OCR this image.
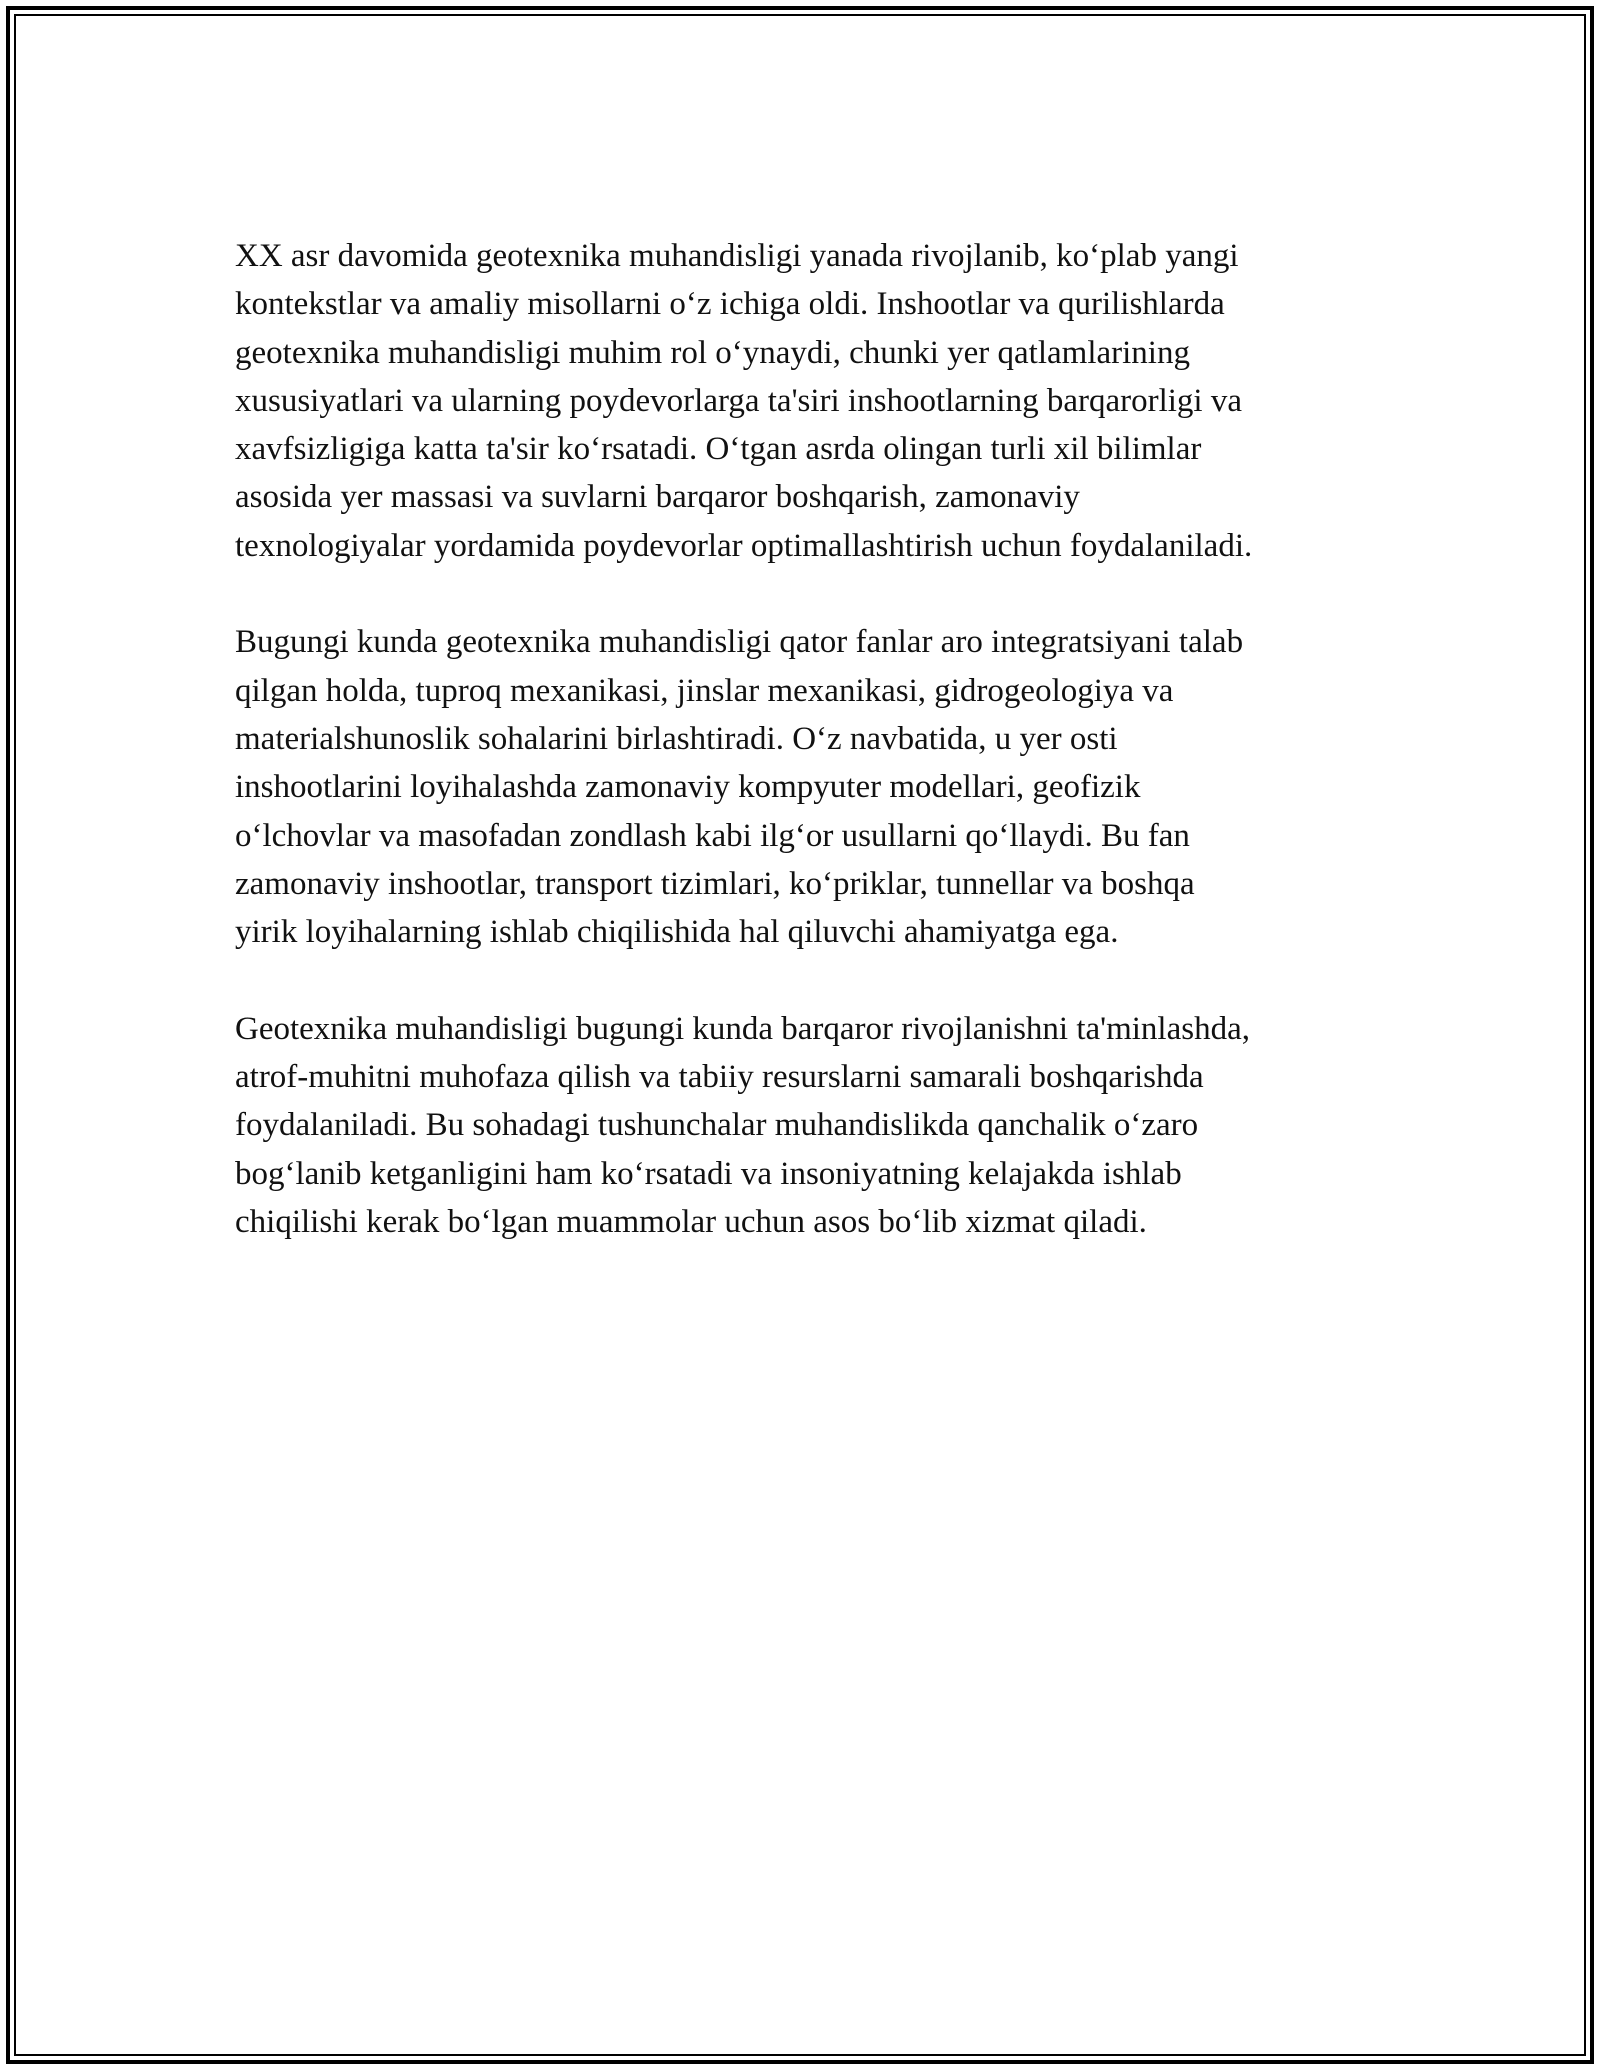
XX asr davomida geotexnika muhandisligi yanada rivojlanib, koʻplab yangi
kontekstlar va amaliy misollarni oʻz ichiga oldi. Inshootlar va qurilishlarda
geotexnika muhandisligi muhim rol oʻynaydi, chunki yer qatlamlarining
xususiyatlari va ularning poydevorlarga ta'siri inshootlarning barqarorligi va
xavfsizligiga katta ta'sir koʻrsatadi. Oʻtgan asrda olingan turli xil bilimlar
asosida yer massasi va suvlarni barqaror boshqarish, zamonaviy
texnologiyalar yordamida poydevorlar optimallashtirish uchun foydalaniladi.

Bugungi kunda geotexnika muhandisligi qator fanlar aro integratsiyani talab
qilgan holda, tuproq mexanikasi, jinslar mexanikasi, gidrogeologiya va
materialshunoslik sohalarini birlashtiradi. Oʻz navbatida, u yer osti
inshootlarini loyihalashda zamonaviy kompyuter modellari, geofizik
oʻlchovlar va masofadan zondlash kabi ilgʻor usullarni qoʻllaydi. Bu fan
zamonaviy inshootlar, transport tizimlari, koʻpriklar, tunnellar va boshqa
yirik loyihalarning ishlab chiqilishida hal qiluvchi ahamiyatga ega.

Geotexnika muhandisligi bugungi kunda barqaror rivojlanishni ta'minlashda,
atrof-muhitni muhofaza qilish va tabiiy resurslarni samarali boshqarishda
foydalaniladi. Bu sohadagi tushunchalar muhandislikda qanchalik oʻzaro
bogʻlanib ketganligini ham koʻrsatadi va insoniyatning kelajakda ishlab
chiqilishi kerak boʻlgan muammolar uchun asos boʻlib xizmat qiladi.
